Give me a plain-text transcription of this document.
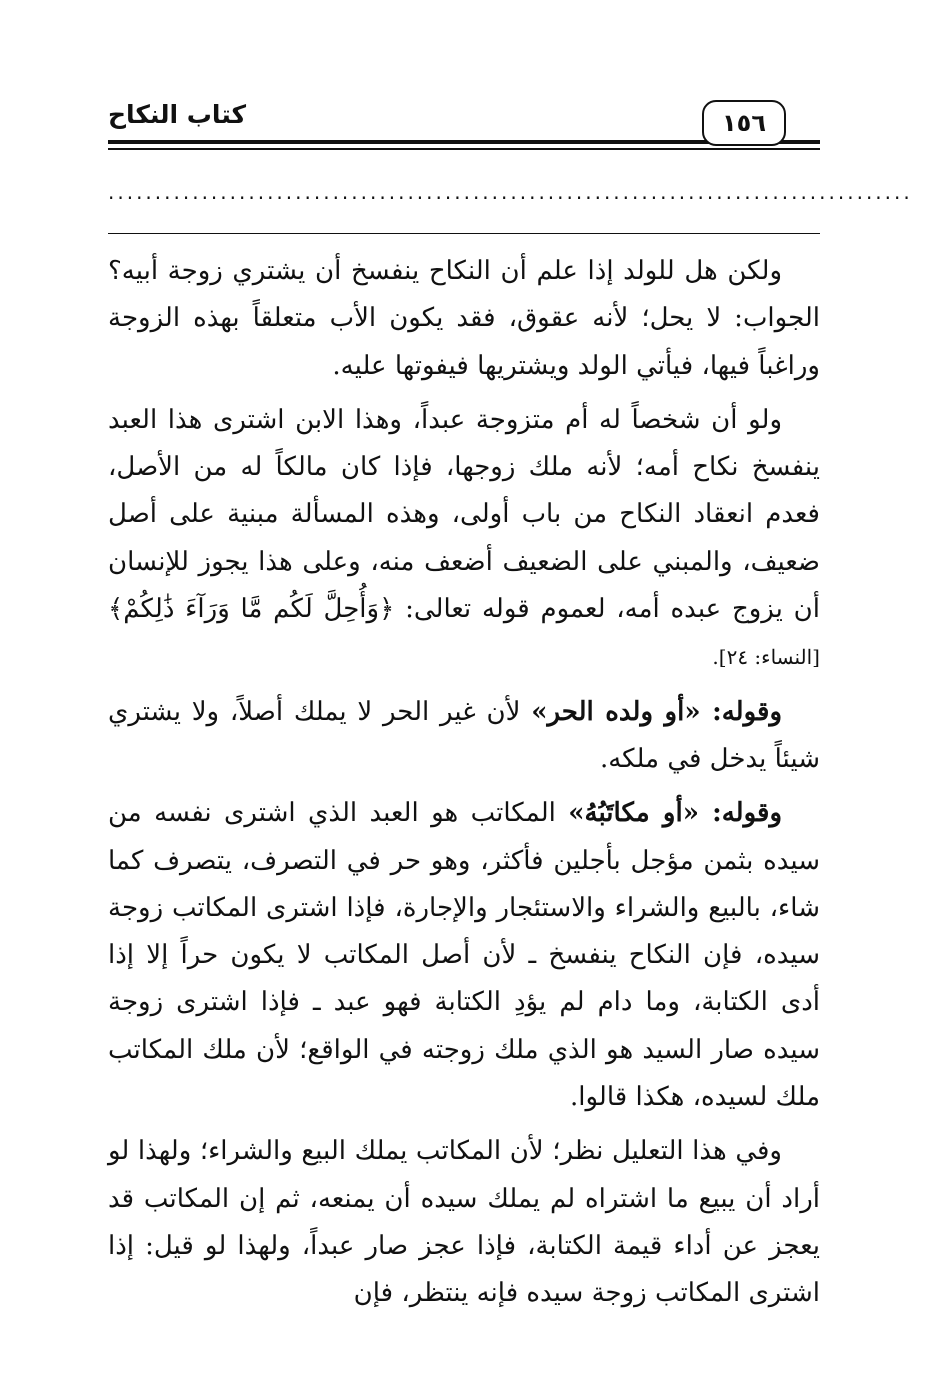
كتاب النكاح	١٥٦
......................................................................................

ولكن هل للولد إذا علم أن النكاح ينفسخ أن يشتري زوجة أبيه؟ الجواب: لا يحل؛ لأنه عقوق، فقد يكون الأب متعلقاً بهذه الزوجة وراغباً فيها، فيأتي الولد ويشتريها فيفوتها عليه.

ولو أن شخصاً له أم متزوجة عبداً، وهذا الابن اشترى هذا العبد ينفسخ نكاح أمه؛ لأنه ملك زوجها، فإذا كان مالكاً له من الأصل، فعدم انعقاد النكاح من باب أولى، وهذه المسألة مبنية على أصل ضعيف، والمبني على الضعيف أضعف منه، وعلى هذا يجوز للإنسان أن يزوج عبده أمه، لعموم قوله تعالى: ﴿وَأُحِلَّ لَكُم مَّا وَرَآءَ ذَٰلِكُمْ﴾ [النساء: ٢٤].

وقوله: «أو ولده الحر» لأن غير الحر لا يملك أصلاً، ولا يشتري شيئاً يدخل في ملكه.

وقوله: «أو مكاتَبُهُ» المكاتب هو العبد الذي اشترى نفسه من سيده بثمن مؤجل بأجلين فأكثر، وهو حر في التصرف، يتصرف كما شاء، بالبيع والشراء والاستئجار والإجارة، فإذا اشترى المكاتب زوجة سيده، فإن النكاح ينفسخ ـ لأن أصل المكاتب لا يكون حراً إلا إذا أدى الكتابة، وما دام لم يؤدِ الكتابة فهو عبد ـ فإذا اشترى زوجة سيده صار السيد هو الذي ملك زوجته في الواقع؛ لأن ملك المكاتب ملك لسيده، هكذا قالوا.

وفي هذا التعليل نظر؛ لأن المكاتب يملك البيع والشراء؛ ولهذا لو أراد أن يبيع ما اشتراه لم يملك سيده أن يمنعه، ثم إن المكاتب قد يعجز عن أداء قيمة الكتابة، فإذا عجز صار عبداً، ولهذا لو قيل: إذا اشترى المكاتب زوجة سيده فإنه ينتظر، فإن
